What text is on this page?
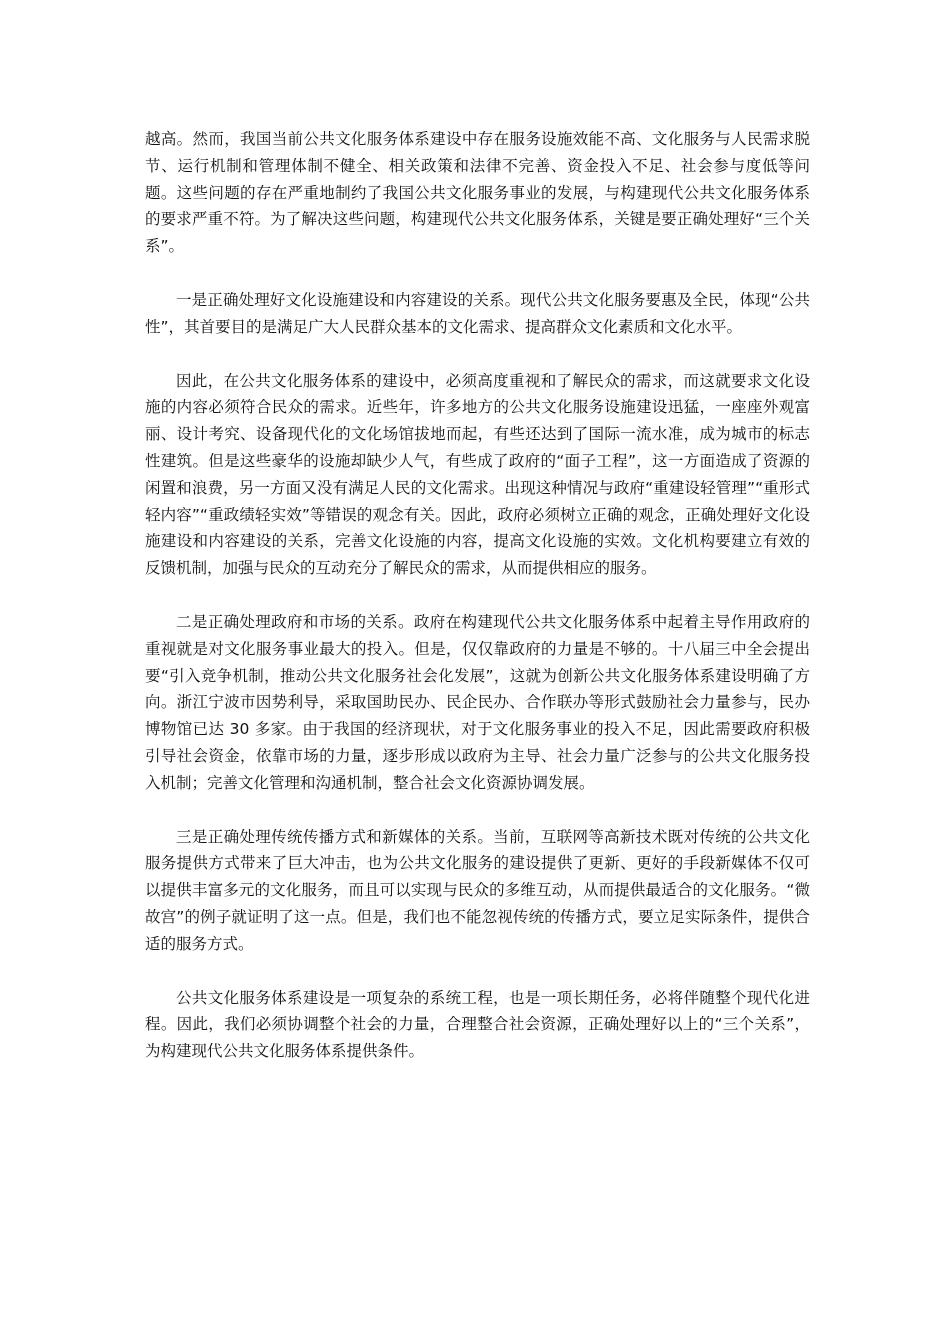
越高。然而，我国当前公共文化服务体系建设中存在服务设施效能不高、文化服务与人民需求脱节、运行机制和管理体制不健全、相关政策和法律不完善、资金投入不足、社会参与度低等问题。这些问题的存在严重地制约了我国公共文化服务事业的发展，与构建现代公共文化服务体系的要求严重不符。为了解决这些问题，构建现代公共文化服务体系，关键是要正确处理好“三个关系”。

一是正确处理好文化设施建设和内容建设的关系。现代公共文化服务要惠及全民，体现“公共性”，其首要目的是满足广大人民群众基本的文化需求、提高群众文化素质和文化水平。

因此，在公共文化服务体系的建设中，必须高度重视和了解民众的需求，而这就要求文化设施的内容必须符合民众的需求。近些年，许多地方的公共文化服务设施建设迅猛，一座座外观富丽、设计考究、设备现代化的文化场馆拔地而起，有些还达到了国际一流水准，成为城市的标志性建筑。但是这些豪华的设施却缺少人气，有些成了政府的“面子工程”，这一方面造成了资源的闲置和浪费，另一方面又没有满足人民的文化需求。出现这种情况与政府“重建设轻管理”“重形式轻内容”“重政绩轻实效”等错误的观念有关。因此，政府必须树立正确的观念，正确处理好文化设施建设和内容建设的关系，完善文化设施的内容，提高文化设施的实效。文化机构要建立有效的反馈机制，加强与民众的互动充分了解民众的需求，从而提供相应的服务。

二是正确处理政府和市场的关系。政府在构建现代公共文化服务体系中起着主导作用政府的重视就是对文化服务事业最大的投入。但是，仅仅靠政府的力量是不够的。十八届三中全会提出要“引入竞争机制，推动公共文化服务社会化发展”，这就为创新公共文化服务体系建设明确了方向。浙江宁波市因势利导，采取国助民办、民企民办、合作联办等形式鼓励社会力量参与，民办博物馆已达 30 多家。由于我国的经济现状，对于文化服务事业的投入不足，因此需要政府积极引导社会资金，依靠市场的力量，逐步形成以政府为主导、社会力量广泛参与的公共文化服务投入机制；完善文化管理和沟通机制，整合社会文化资源协调发展。

三是正确处理传统传播方式和新媒体的关系。当前，互联网等高新技术既对传统的公共文化服务提供方式带来了巨大冲击，也为公共文化服务的建设提供了更新、更好的手段新媒体不仅可以提供丰富多元的文化服务，而且可以实现与民众的多维互动，从而提供最适合的文化服务。“微故宫”的例子就证明了这一点。但是，我们也不能忽视传统的传播方式，要立足实际条件，提供合适的服务方式。

公共文化服务体系建设是一项复杂的系统工程，也是一项长期任务，必将伴随整个现代化进程。因此，我们必须协调整个社会的力量，合理整合社会资源，正确处理好以上的“三个关系”，为构建现代公共文化服务体系提供条件。
